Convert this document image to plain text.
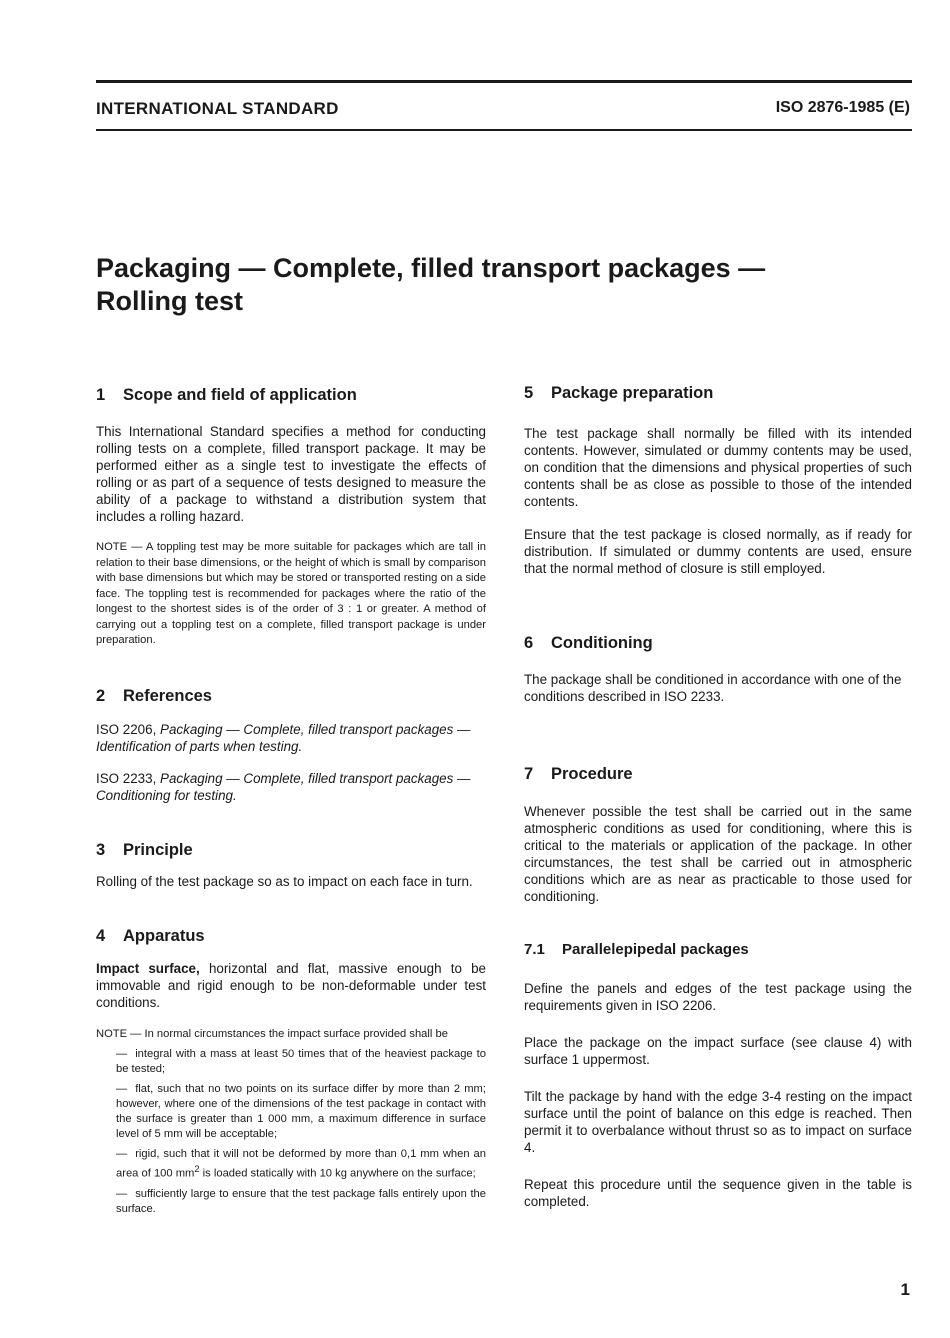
INTERNATIONAL STANDARD	ISO 2876-1985 (E)
Packaging — Complete, filled transport packages —
Rolling test
1 Scope and field of application

This International Standard specifies a method for conducting rolling tests on a complete, filled transport package. It may be performed either as a single test to investigate the effects of rolling or as part of a sequence of tests designed to measure the ability of a package to withstand a distribution system that includes a rolling hazard.

NOTE — A toppling test may be more suitable for packages which are tall in relation to their base dimensions, or the height of which is small by comparison with base dimensions but which may be stored or transported resting on a side face. The toppling test is recommended for packages where the ratio of the longest to the shortest sides is of the order of 3 : 1 or greater. A method of carrying out a toppling test on a complete, filled transport package is under preparation.

2 References

ISO 2206, Packaging — Complete, filled transport packages — Identification of parts when testing.

ISO 2233, Packaging — Complete, filled transport packages — Conditioning for testing.

3 Principle

Rolling of the test package so as to impact on each face in turn.

4 Apparatus

Impact surface, horizontal and flat, massive enough to be immovable and rigid enough to be non-deformable under test conditions.

NOTE — In normal circumstances the impact surface provided shall be

— integral with a mass at least 50 times that of the heaviest package to be tested;

— flat, such that no two points on its surface differ by more than 2 mm; however, where one of the dimensions of the test package in contact with the surface is greater than 1 000 mm, a maximum difference in surface level of 5 mm will be acceptable;

— rigid, such that it will not be deformed by more than 0,1 mm when an area of 100 $mm^2$ is loaded statically with 10 kg anywhere on the surface;

— sufficiently large to ensure that the test package falls entirely upon the surface.

5 Package preparation

The test package shall normally be filled with its intended contents. However, simulated or dummy contents may be used, on condition that the dimensions and physical properties of such contents shall be as close as possible to those of the intended contents.

Ensure that the test package is closed normally, as if ready for distribution. If simulated or dummy contents are used, ensure that the normal method of closure is still employed.

6 Conditioning

The package shall be conditioned in accordance with one of the conditions described in ISO 2233.

7 Procedure

Whenever possible the test shall be carried out in the same atmospheric conditions as used for conditioning, where this is critical to the materials or application of the package. In other circumstances, the test shall be carried out in atmospheric conditions which are as near as practicable to those used for conditioning.

7.1 Parallelepipedal packages

Define the panels and edges of the test package using the requirements given in ISO 2206.

Place the package on the impact surface (see clause 4) with surface 1 uppermost.

Tilt the package by hand with the edge 3-4 resting on the impact surface until the point of balance on this edge is reached. Then permit it to overbalance without thrust so as to impact on surface 4.

Repeat this procedure until the sequence given in the table is completed.

1
